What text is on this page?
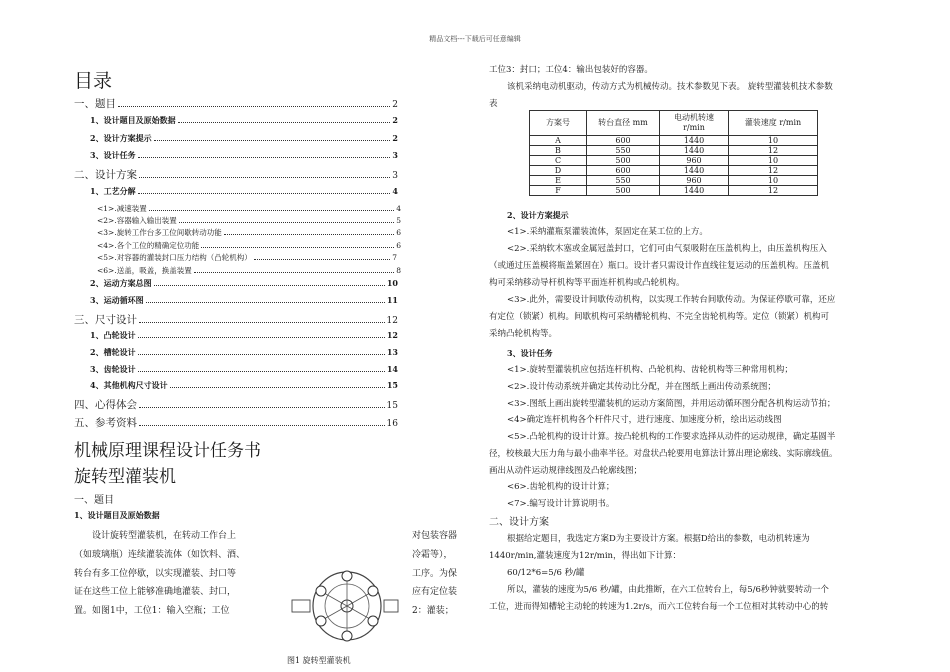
精品文档---下载后可任意编辑
目录
一、题目	2
1、设计题目及原始数据	2
2、设计方案提示	2
3、设计任务	3
二、设计方案	3
1、工艺分解	4
<1>.减速装置	4
<2>.容器输入输出装置	5
<3>.旋转工作台多工位间歇转动功能	6
<4>.各个工位的精确定位功能	6
<5>.对容器的灌装封口压力结构（凸轮机构）	7
<6>.送盖，吸盖，换盖装置	8
2、运动方案总图	10
3、运动循环图	11
三、尺寸设计	12
1、凸轮设计	12
2、槽轮设计	13
3、齿轮设计	14
4、其他机构尺寸设计	15
四、心得体会	15
五、参考资料	16
机械原理课程设计任务书
旋转型灌装机
一、题目
1、设计题目及原始数据
设计旋转型灌装机，在转动工作台上
（如玻璃瓶）连续灌装流体（如饮料、酒、
转台有多工位停歇，以实现灌装、封口等
证在这些工位上能够准确地灌装、封口，
置。如图1中，工位1：输入空瓶；工位
对包装容器
冷霜等），
工序。为保
应有定位装
2：灌装；
图1 旋转型灌装机
工位3：封口；工位4：输出包装好的容器。
该机采纳电动机驱动，传动方式为机械传动。技术参数见下表。 旋转型灌装机技术参数
表
方案号	转台直径 mm	电动机转速 r/min	灌装速度 r/min
A	600	1440	10
B	550	1440	12
C	500	960	10
D	600	1440	12
E	550	960	10
F	500	1440	12
2、设计方案提示
<1>.采纳灌瓶泵灌装流体，泵固定在某工位的上方。
<2>.采纳软木塞或金属冠盖封口，它们可由气泵吸附在压盖机构上，由压盖机构压入
（或通过压盖模将瓶盖紧固在）瓶口。设计者只需设计作直线往复运动的压盖机构。压盖机
构可采纳移动导杆机构等平面连杆机构或凸轮机构。
<3>.此外，需要设计间歇传动机构，以实现工作转台间歇传动。为保证停歇可靠，还应
有定位（锁紧）机构。间歇机构可采纳槽轮机构、不完全齿轮机构等。定位（锁紧）机构可
采纳凸轮机构等。
3、设计任务
<1>.旋转型灌装机应包括连杆机构、凸轮机构、齿轮机构等三种常用机构；
<2>.设计传动系统并确定其传动比分配，并在图纸上画出传动系统图；
<3>.图纸上画出旋转型灌装机的运动方案简图，并用运动循环图分配各机构运动节拍；
<4>确定连杆机构各个杆件尺寸，进行速度、加速度分析，绘出运动线图
<5>.凸轮机构的设计计算。按凸轮机构的工作要求选择从动件的运动规律，确定基圆半
径，校核最大压力角与最小曲率半径。对盘状凸轮要用电算法计算出理论廓线、实际廓线值。
画出从动件运动规律线图及凸轮廓线图；
<6>.齿轮机构的设计计算；
<7>.编写设计计算说明书。
二、设计方案
根据给定题目，我选定方案D为主要设计方案。根据D给出的参数，电动机转速为
1440r/min,灌装速度为12r/min，得出如下计算：
60/12*6=5/6 秒/罐
所以，灌装的速度为5/6 秒/罐，由此推断，在六工位转台上，每5/6秒钟就要转动一个
工位，进而得知槽轮主动轮的转速为1.2r/s，而六工位转台每一个工位相对其转动中心的转
